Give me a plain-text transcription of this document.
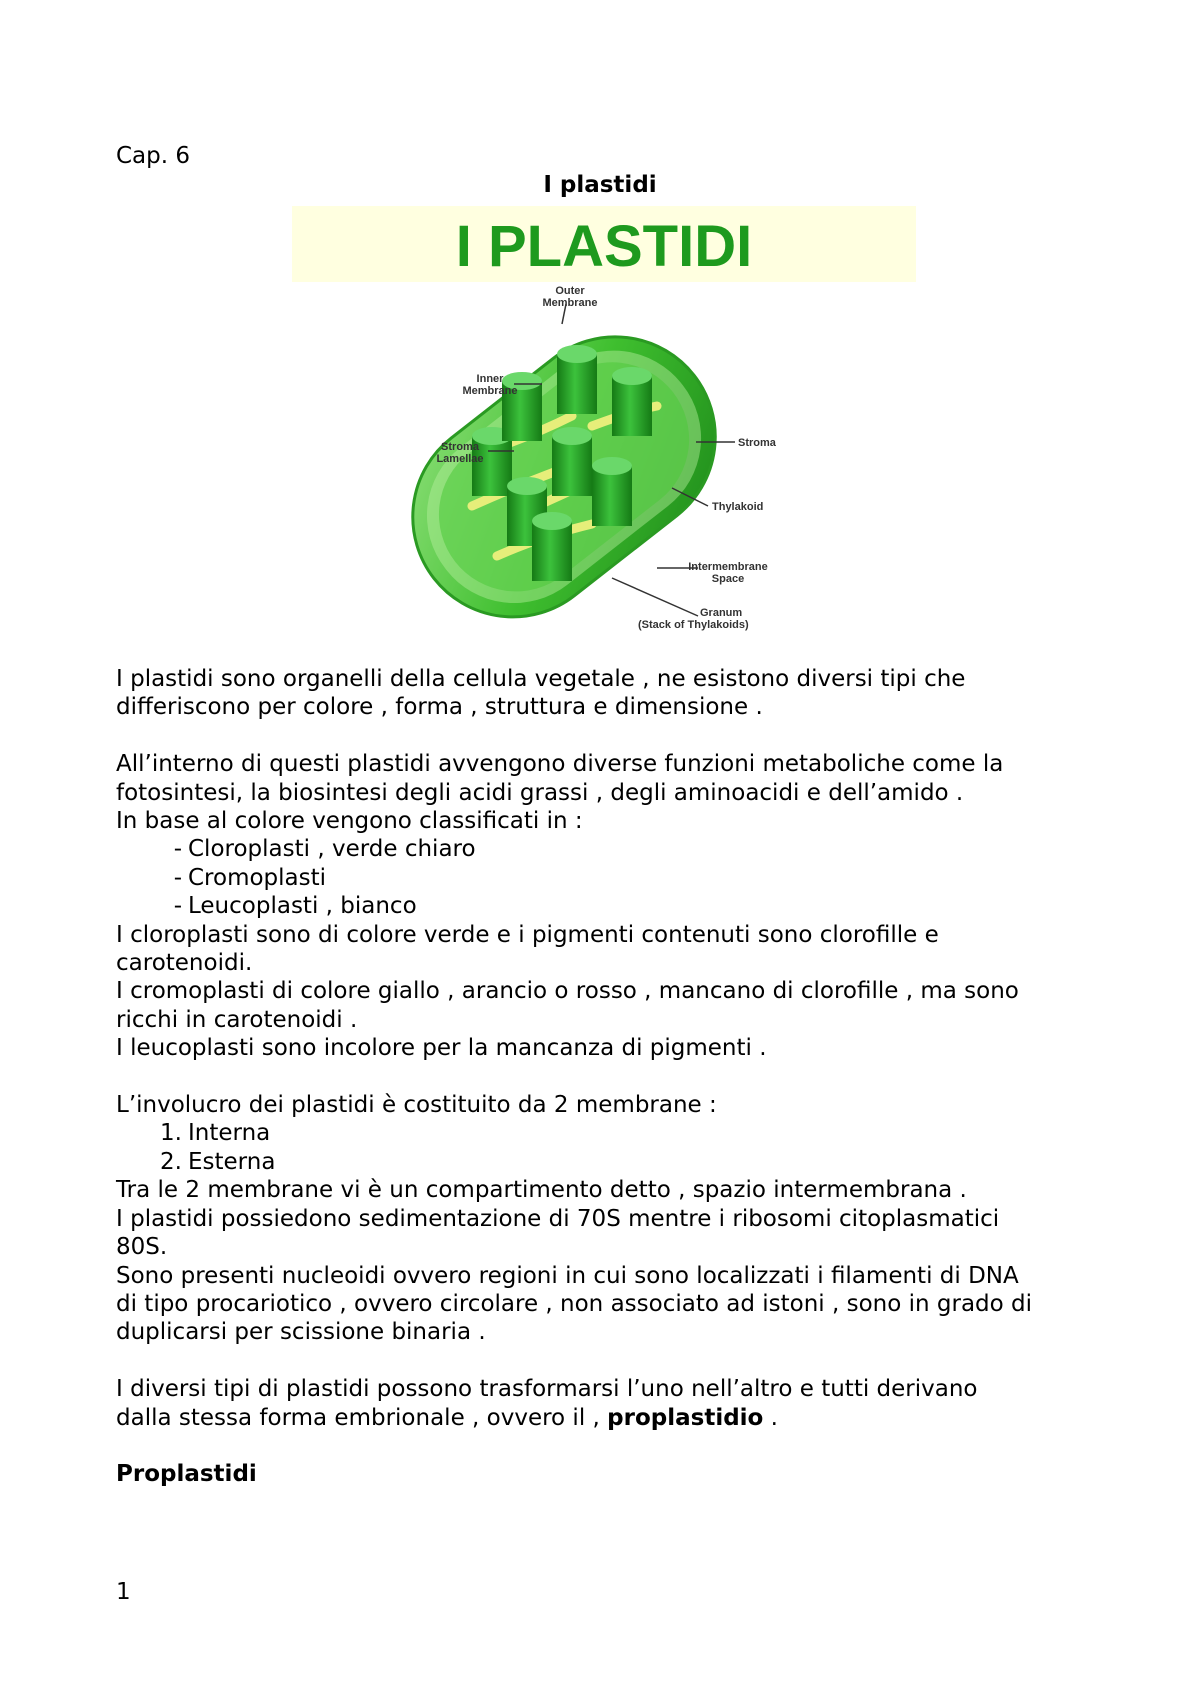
Cap. 6
I plastidi
I PLASTIDI
Outer
Membrane
Inner
Membrane
Stroma
Lamellae
Stroma
Thylakoid
Intermembrane
Space
Granum
(Stack of Thylakoids)

I plastidi sono organelli della cellula vegetale , ne esistono diversi tipi che

differiscono per colore , forma , struttura e dimensione .

All’interno di questi plastidi avvengono diverse funzioni metaboliche come la

fotosintesi, la biosintesi degli acidi grassi , degli aminoacidi e dell’amido .

In base al colore vengono classificati in :

- Cloroplasti , verde chiaro
- Cromoplasti
- Leucoplasti , bianco

I cloroplasti sono di colore verde e i pigmenti contenuti sono clorofille e

carotenoidi.

I cromoplasti di colore giallo , arancio o rosso , mancano di clorofille , ma sono

ricchi in carotenoidi .

I leucoplasti sono incolore per la mancanza di pigmenti .

L’involucro dei plastidi è costituito da 2 membrane :

1. Interna
2. Esterna

Tra le 2 membrane vi è un compartimento detto , spazio intermembrana .

I plastidi possiedono sedimentazione di 70S mentre i ribosomi citoplasmatici

80S.

Sono presenti nucleoidi ovvero regioni in cui sono localizzati i filamenti di DNA

di tipo procariotico , ovvero circolare , non associato ad istoni , sono in grado di

duplicarsi per scissione binaria .

I diversi tipi di plastidi possono trasformarsi l’uno nell’altro e tutti derivano

dalla stessa forma embrionale , ovvero il , proplastidio .

Proplastidi

1
